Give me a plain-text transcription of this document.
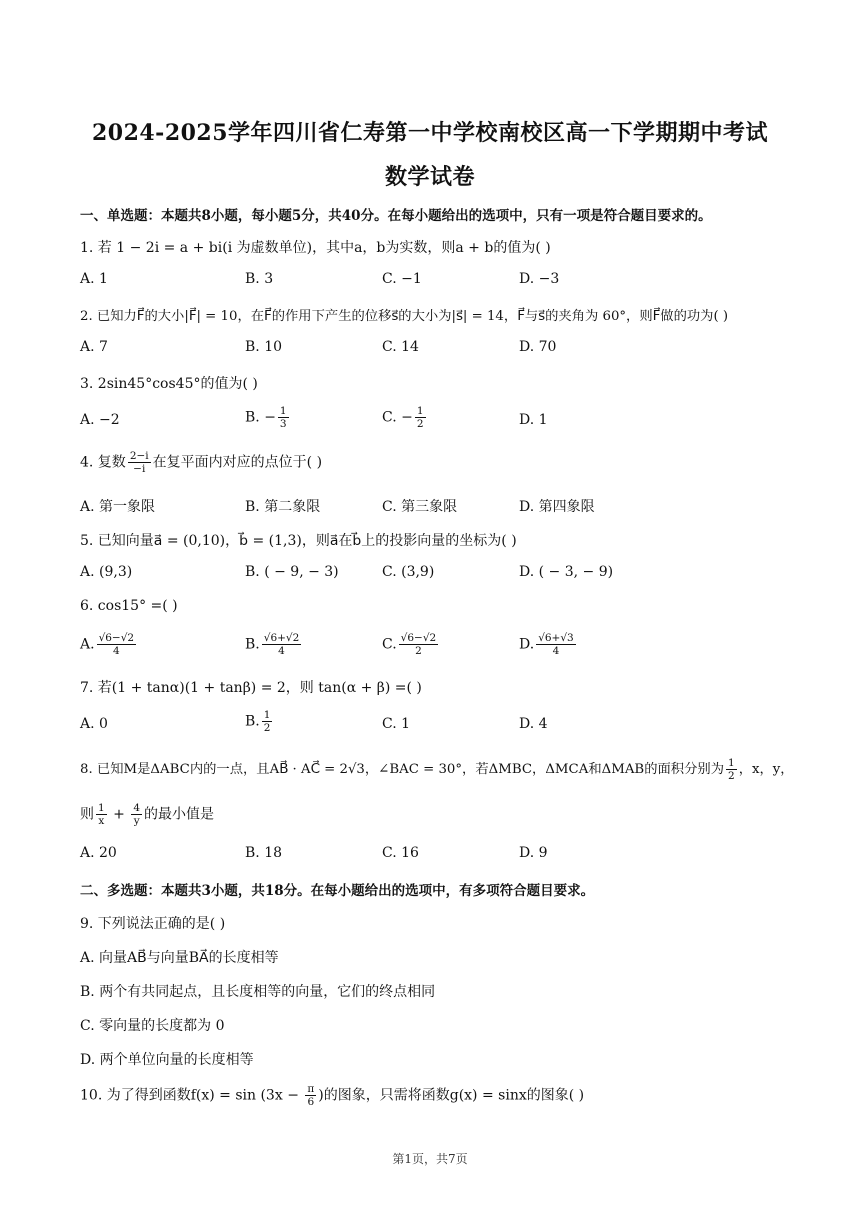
2024-2025学年四川省仁寿第一中学校南校区高一下学期期中考试
数学试卷
一、单选题：本题共8小题，每小题5分，共40分。在每小题给出的选项中，只有一项是符合题目要求的。
1. 若 1 − 2i = a + bi(i 为虚数单位)，其中a，b为实数，则a + b的值为( )
A. 1	B. 3	C. −1	D. −3
2. 已知力F⃗的大小|F⃗| = 10，在F⃗的作用下产生的位移s⃗的大小为|s⃗| = 14，F⃗与s⃗的夹角为 60°，则F⃗做的功为( )
A. 7	B. 10	C. 14	D. 70
3. 2sin45°cos45°的值为( )
A. −2	B. − $\frac{1}{3}$	C. − $\frac{1}{2}$	D. 1
4. 复数 $\frac{2-i}{-i}$ 在复平面内对应的点位于( )
A. 第一象限	B. 第二象限	C. 第三象限	D. 第四象限
5. 已知向量a⃗ = (0,10)，b⃗ = (1,3)，则a⃗在b⃗上的投影向量的坐标为( )
A. (9,3)	B. ( − 9, − 3)	C. (3,9)	D. ( − 3, − 9)
6. cos15° =( )
A. $\frac{√6-√2}{4}$	B. $\frac{√6+√2}{4}$	C. $\frac{√6-√2}{2}$	D. $\frac{√6+√3}{4}$
7. 若(1 + tanα)(1 + tanβ) = 2，则 tan(α + β) =( )
A. 0	B. $\frac{1}{2}$	C. 1	D. 4
8. 已知M是ΔABC内的一点，且AB⃗ · AC⃗ = 2√3，∠BAC = 30°，若ΔMBC，ΔMCA和ΔMAB的面积分别为 $\frac{1}{2}$ ，x，y，
则 $\frac{1}{x} + \frac{4}{y}$ 的最小值是
A. 20	B. 18	C. 16	D. 9
二、多选题：本题共3小题，共18分。在每小题给出的选项中，有多项符合题目要求。
9. 下列说法正确的是( )
A. 向量AB⃗与向量BA⃗的长度相等
B. 两个有共同起点，且长度相等的向量，它们的终点相同
C. 零向量的长度都为 0
D. 两个单位向量的长度相等
10. 为了得到函数$f(x) = \sin (3x - \frac{\pi}{6}$ )的图象，只需将函数g(x) = sinx的图象( )
第1页，共7页
